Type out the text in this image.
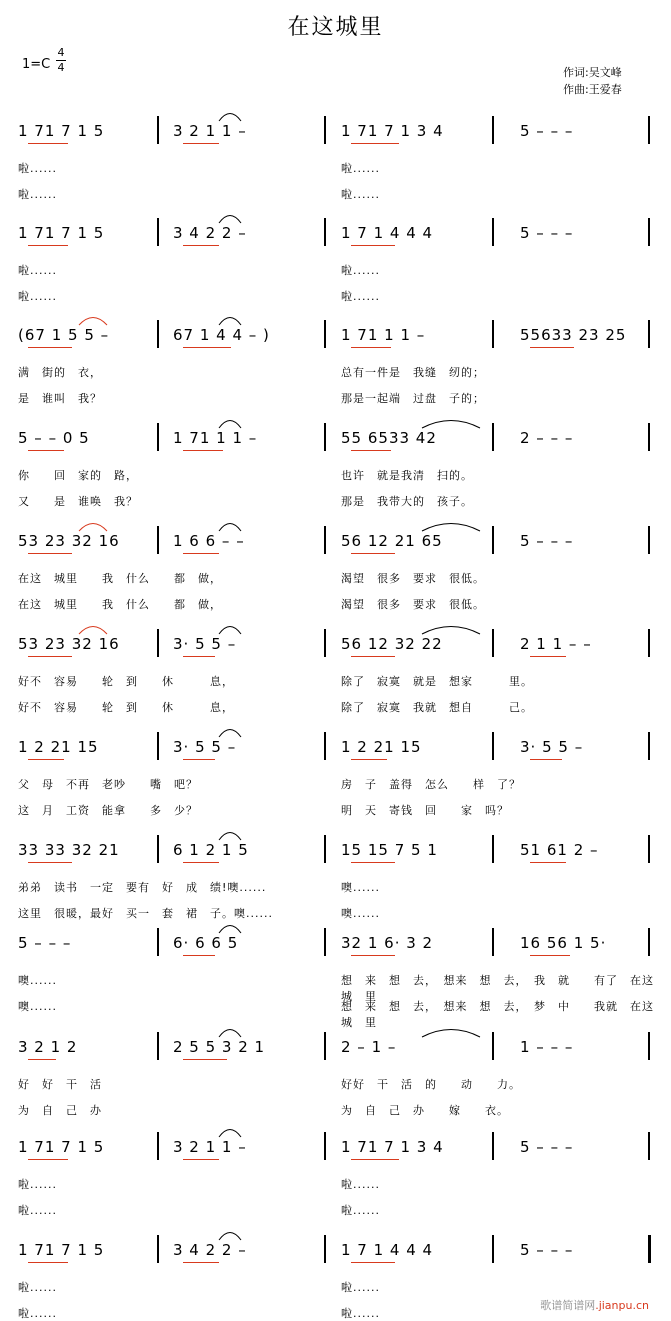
在这城里
1=C
4
4	作词:吴文峰
作曲:王爱春
1 71 7 1 5	3 2 1 1 –	1 71 7 1 3 4	5 – – –
啦......	啦......
啦......	啦......
1 71 7 1 5	3 4 2 2 –	1 7 1 4 4 4	5 – – –
啦......	啦......
啦......	啦......
(67 1 5 5 –	67 1 4 4 – )	1 71 1 1 –	55633 23 25
满　街的　衣，	总有一件是　我缝　纫的；
是　谁叫　我？	那是一起端　过盘　子的；
5 – – 0 5	1 71 1 1 –	55 6533 42	2 – – –
你　　回　家的　路，	也许　就是我清　扫的。
又　　是　谁唤　我？	那是　我带大的　孩子。
53 23 32 16	1 6 6 – –	56 12 21 65	5 – – –
在这　城里　　我　什么　　都　做，	渴望　很多　要求　很低。
在这　城里　　我　什么　　都　做，	渴望　很多　要求　很低。
53 23 32 16	3· 5 5 –	56 12 32 22	2 1 1 – –
好不　容易　　轮　到　　休　　　息，	除了　寂寞　就是　想家　　　里。
好不　容易　　轮　到　　休　　　息，	除了　寂寞　我就　想自　　　己。
1 2 21 15	3· 5 5 –	1 2 21 15	3· 5 5 –
父　母　不再　老吵　　嘴　吧？	房　子　盖得　怎么　　样　了？
这　月　工资　能拿　　多　少？	明　天　寄钱　回　　家　吗？
33 33 32 21	6 1 2 1 5	15 15 7 5 1	51 61 2 –
弟弟　读书　一定　要有　好　成　绩!噢......	噢......
这里　很暖，最好　买一　套　裙　子。噢......	噢......
5 – – –	6· 6 6 5	32 1 6· 3 2	16 56 1 5·
噢......	想　来　想　去，　想来　想　去，　我　就　　有了　在这　城　里
噢......	想　来　想　去，　想来　想　去，　梦　中　　我就　在这　城　里
3 2 1 2	2 5 5 3 2 1	2 – 1 –	1 – – –
好　好　干　活	好好　干　活　的　　动　　力。
为　自　己　办	为　自　己　办　　嫁　　衣。
1 71 7 1 5	3 2 1 1 –	1 71 7 1 3 4	5 – – –
啦......	啦......
啦......	啦......
1 71 7 1 5	3 4 2 2 –	1 7 1 4 4 4	5 – – –
啦......	啦......
啦......	啦......
歌谱简谱网.jianpu.cn
